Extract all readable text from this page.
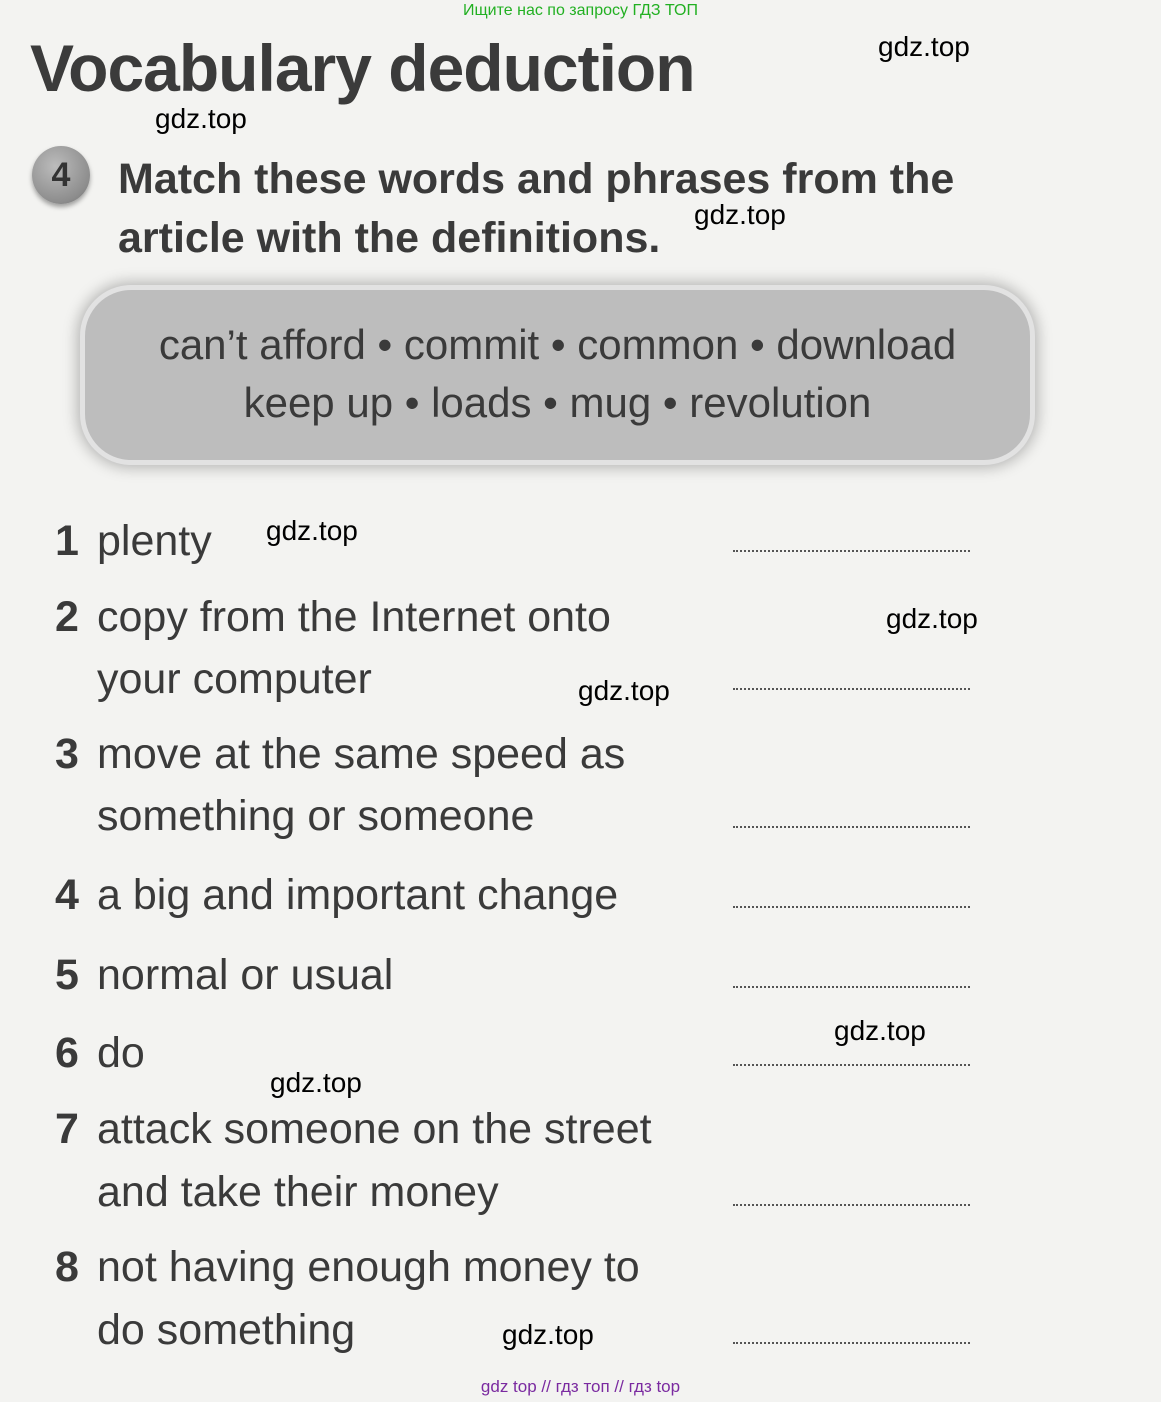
Ищите нас по запросу ГДЗ ТОП
Vocabulary deduction	gdz.top
gdz.top
gdz.top
gdz.top
gdz.top
gdz.top
gdz.top
gdz.top
gdz.top
4	Match these words and phrases from the
article with the definitions.

can’t afford • commit • common • download
keep up • loads • mug • revolution
1 plenty
2 copy from the Internet onto
your computer
3 move at the same speed as
something or someone
4 a big and important change
5 normal or usual
6 do
7 attack someone on the street
and take their money
8 not having enough money to
do something
gdz top // гдз топ // гдз top
